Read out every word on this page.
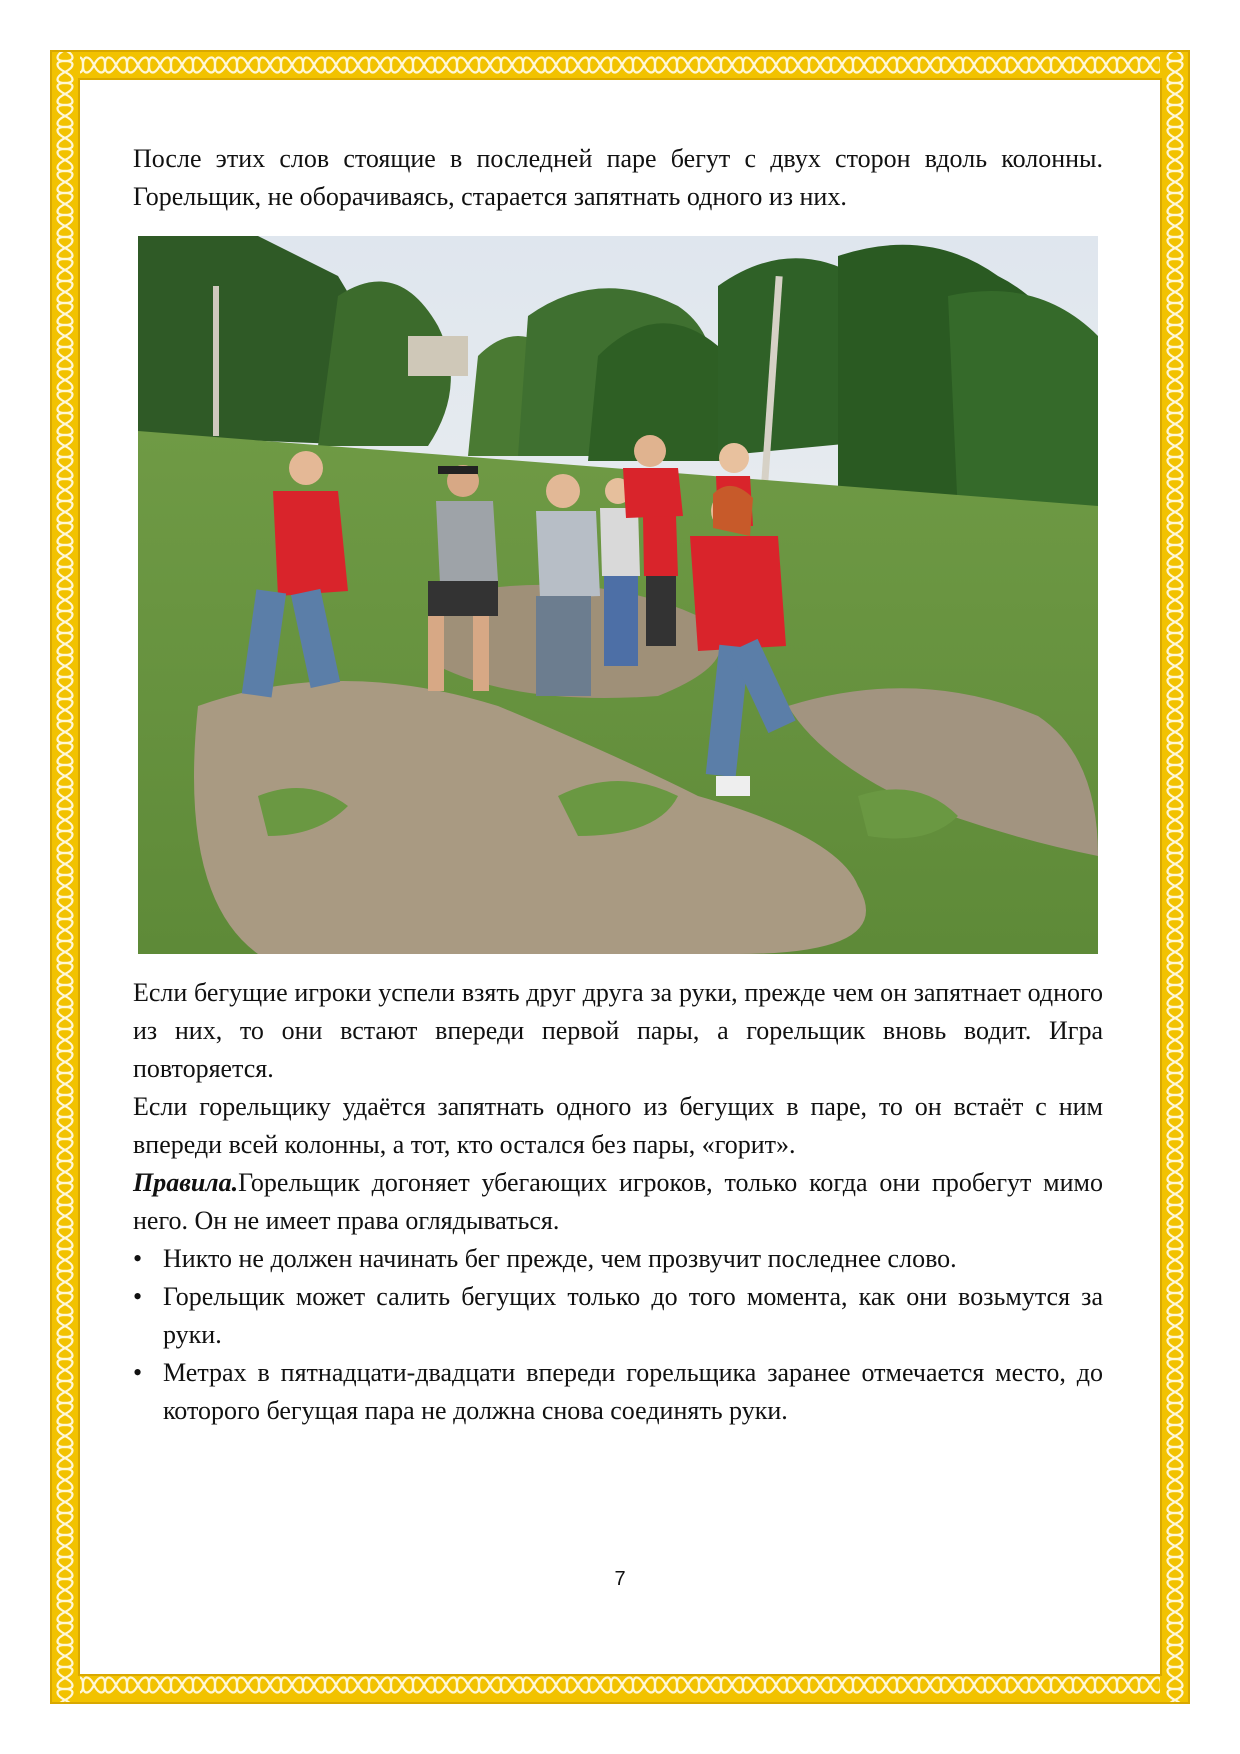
После этих слов стоящие в последней паре бегут с двух сторон вдоль колонны. Горельщик, не оборачиваясь, старается запятнать одного из них.

Если бегущие игроки успели взять друг друга за руки, прежде чем он запятнает одного из них, то они встают впереди первой пары, а горельщик вновь водит. Игра повторяется.

Если горельщику удаётся запятнать одного из бегущих в паре, то он встаёт с ним впереди всей колонны, а тот, кто остался без пары, «горит».

Правила.Горельщик догоняет убегающих игроков, только когда они пробегут мимо него. Он не имеет права оглядываться.

• Никто не должен начинать бег прежде, чем прозвучит последнее слово.
• Горельщик может салить бегущих только до того момента, как они возьмутся за руки.
• Метрах в пятнадцати-двадцати впереди горельщика заранее отмечается место, до которого бегущая пара не должна снова соединять руки.
7
